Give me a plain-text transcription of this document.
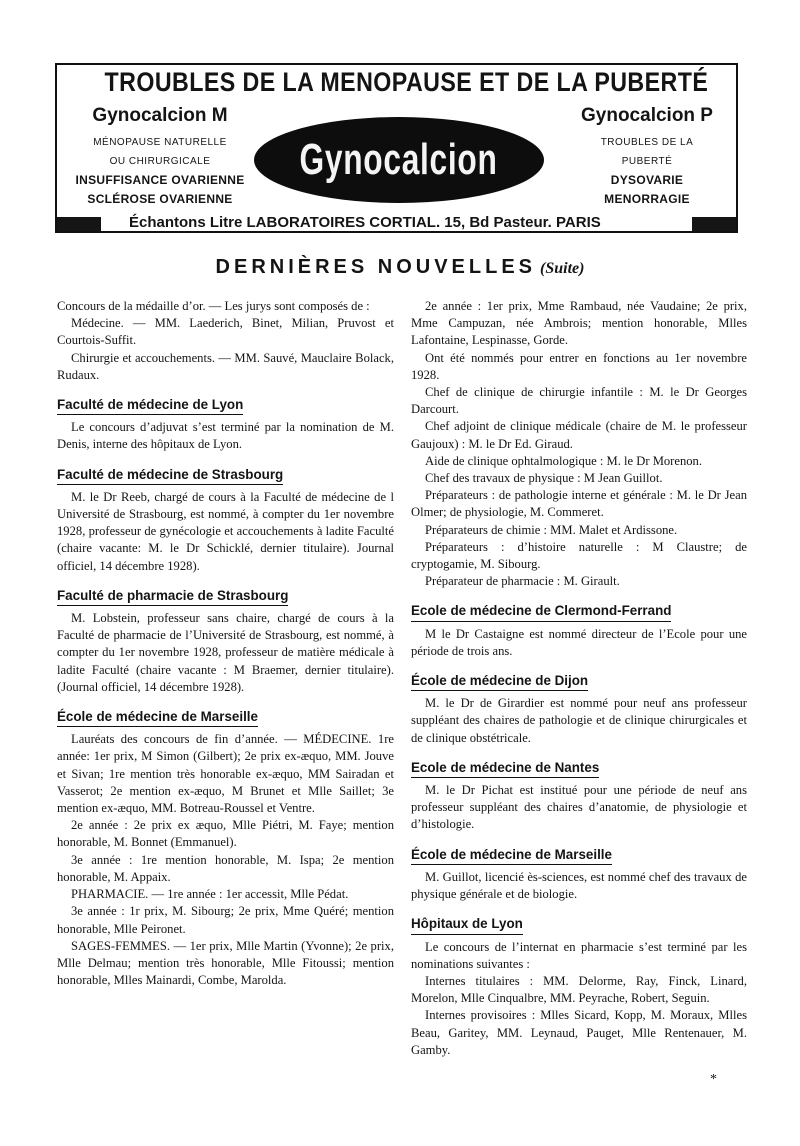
TROUBLES DE LA MENOPAUSE ET DE LA PUBERTÉ
Gynocalcion M
MÉNOPAUSE NATURELLE
OU CHIRURGICALE
INSUFFISANCE OVARIENNE
SCLÉROSE OVARIENNE
Gynocalcion
Gynocalcion P
TROUBLES DE LA
PUBERTÉ
DYSOVARIE
MENORRAGIE
Échantons Litre LABORATOIRES CORTIAL. 15, Bd Pasteur. PARIS
DERNIÈRES NOUVELLES (Suite)

Concours de la médaille d’or. — Les jurys sont composés de :

Médecine. — MM. Laederich, Binet, Milian, Pruvost et Courtois-Suffit.

Chirurgie et accouchements. — MM. Sauvé, Mauclaire Bolack, Rudaux.

Faculté de médecine de Lyon

Le concours d’adjuvat s’est terminé par la nomination de M. Denis, interne des hôpitaux de Lyon.

Faculté de médecine de Strasbourg

M. le Dr Reeb, chargé de cours à la Faculté de médecine de l Université de Strasbourg, est nommé, à compter du 1er novembre 1928, professeur de gynécologie et accouchements à ladite Faculté (chaire vacante: M. le Dr Schicklé, dernier titulaire). Journal officiel, 14 décembre 1928).

Faculté de pharmacie de Strasbourg

M. Lobstein, professeur sans chaire, chargé de cours à la Faculté de pharmacie de l’Université de Strasbourg, est nommé, à compter du 1er novembre 1928, professeur de matière médicale à ladite Faculté (chaire vacante : M Braemer, dernier titulaire). (Journal officiel, 14 décembre 1928).

École de médecine de Marseille

Lauréats des concours de fin d’année. — MÉDECINE. 1re année: 1er prix, M Simon (Gilbert); 2e prix ex-æquo, MM. Jouve et Sivan; 1re mention très honorable ex-æquo, MM Sairadan et Vasserot; 2e mention ex-æquo, M Brunet et Mlle Saillet; 3e mention ex-æquo, MM. Botreau-Roussel et Ventre.

2e année : 2e prix ex æquo, Mlle Piétri, M. Faye; mention honorable, M. Bonnet (Emmanuel).

3e année : 1re mention honorable, M. Ispa; 2e mention honorable, M. Appaix.

PHARMACIE. — 1re année : 1er accessit, Mlle Pédat.

3e année : 1r prix, M. Sibourg; 2e prix, Mme Quéré; mention honorable, Mlle Peironet.

SAGES-FEMMES. — 1er prix, Mlle Martin (Yvonne); 2e prix, Mlle Delmau; mention très honorable, Mlle Fitoussi; mention honorable, Mlles Mainardi, Combe, Marolda.

2e année : 1er prix, Mme Rambaud, née Vaudaine; 2e prix, Mme Campuzan, née Ambrois; mention honorable, Mlles Lafontaine, Lespinasse, Gorde.

Ont été nommés pour entrer en fonctions au 1er novembre 1928.

Chef de clinique de chirurgie infantile : M. le Dr Georges Darcourt.

Chef adjoint de clinique médicale (chaire de M. le professeur Gaujoux) : M. le Dr Ed. Giraud.

Aide de clinique ophtalmologique : M. le Dr Morenon.

Chef des travaux de physique : M Jean Guillot.

Préparateurs : de pathologie interne et générale : M. le Dr Jean Olmer; de physiologie, M. Commeret.

Préparateurs de chimie : MM. Malet et Ardissone.

Préparateurs : d’histoire naturelle : M Claustre; de cryptogamie, M. Sibourg.

Préparateur de pharmacie : M. Girault.

Ecole de médecine de Clermond-Ferrand

M le Dr Castaigne est nommé directeur de l’Ecole pour une période de trois ans.

École de médecine de Dijon

M. le Dr de Girardier est nommé pour neuf ans professeur suppléant des chaires de pathologie et de clinique chirurgicales et de clinique obstétricale.

Ecole de médecine de Nantes

M. le Dr Pichat est institué pour une période de neuf ans professeur suppléant des chaires d’anatomie, de physiologie et d’histologie.

École de médecine de Marseille

M. Guillot, licencié ès-sciences, est nommé chef des travaux de physique générale et de biologie.

Hôpitaux de Lyon

Le concours de l’internat en pharmacie s’est terminé par les nominations suivantes :

Internes titulaires : MM. Delorme, Ray, Finck, Linard, Morelon, Mlle Cinqualbre, MM. Peyrache, Robert, Seguin.

Internes provisoires : Mlles Sicard, Kopp, M. Moraux, Mlles Beau, Garitey, MM. Leynaud, Pauget, Mlle Rentenauer, M. Gamby.

*
